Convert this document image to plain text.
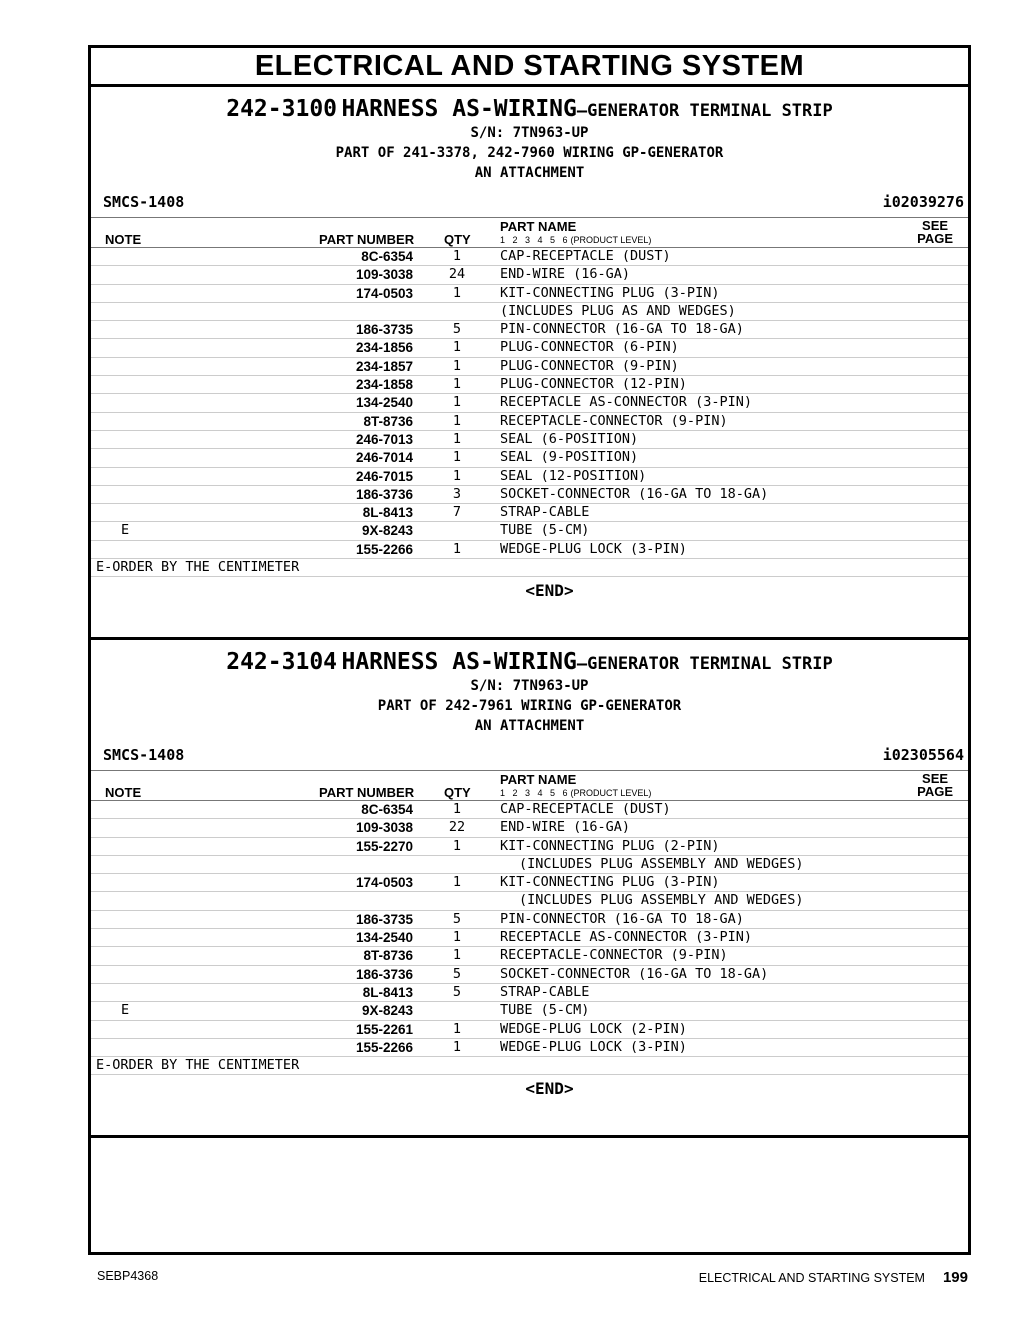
ELECTRICAL AND STARTING SYSTEM
242-3100 HARNESS AS-WIRING–GENERATOR TERMINAL STRIP
S/N: 7TN963-UP
PART OF 241-3378, 242-7960 WIRING GP-GENERATOR
AN ATTACHMENT
SMCS-1408	i02039276
NOTE	PART NUMBER QTY
PART NAME
1 2 3 4 5 6 (PRODUCT LEVEL)
SEE
PAGE
8C-6354	1	CAP-RECEPTACLE (DUST)
109-3038	24	END-WIRE (16-GA)
174-0503	1	KIT-CONNECTING PLUG (3-PIN)
(INCLUDES PLUG AS AND WEDGES)
186-3735	5	PIN-CONNECTOR (16-GA TO 18-GA)
234-1856	1	PLUG-CONNECTOR (6-PIN)
234-1857	1	PLUG-CONNECTOR (9-PIN)
234-1858	1	PLUG-CONNECTOR (12-PIN)
134-2540	1	RECEPTACLE AS-CONNECTOR (3-PIN)
8T-8736	1	RECEPTACLE-CONNECTOR (9-PIN)
246-7013	1	SEAL (6-POSITION)
246-7014	1	SEAL (9-POSITION)
246-7015	1	SEAL (12-POSITION)
186-3736	3	SOCKET-CONNECTOR (16-GA TO 18-GA)
8L-8413	7	STRAP-CABLE
E	9X-8243	TUBE (5-CM)
155-2266	1	WEDGE-PLUG LOCK (3-PIN)
E-ORDER BY THE CENTIMETER
<END>
242-3104 HARNESS AS-WIRING–GENERATOR TERMINAL STRIP
S/N: 7TN963-UP
PART OF 242-7961 WIRING GP-GENERATOR
AN ATTACHMENT
SMCS-1408	i02305564
NOTE	PART NUMBER QTY
PART NAME
1 2 3 4 5 6 (PRODUCT LEVEL)
SEE
PAGE
8C-6354	1	CAP-RECEPTACLE (DUST)
109-3038	22	END-WIRE (16-GA)
155-2270	1	KIT-CONNECTING PLUG (2-PIN)
(INCLUDES PLUG ASSEMBLY AND WEDGES)
174-0503	1	KIT-CONNECTING PLUG (3-PIN)
(INCLUDES PLUG ASSEMBLY AND WEDGES)
186-3735	5	PIN-CONNECTOR (16-GA TO 18-GA)
134-2540	1	RECEPTACLE AS-CONNECTOR (3-PIN)
8T-8736	1	RECEPTACLE-CONNECTOR (9-PIN)
186-3736	5	SOCKET-CONNECTOR (16-GA TO 18-GA)
8L-8413	5	STRAP-CABLE
E	9X-8243	TUBE (5-CM)
155-2261	1	WEDGE-PLUG LOCK (2-PIN)
155-2266	1	WEDGE-PLUG LOCK (3-PIN)
E-ORDER BY THE CENTIMETER
<END>
SEBP4368	ELECTRICAL AND STARTING SYSTEM 199
